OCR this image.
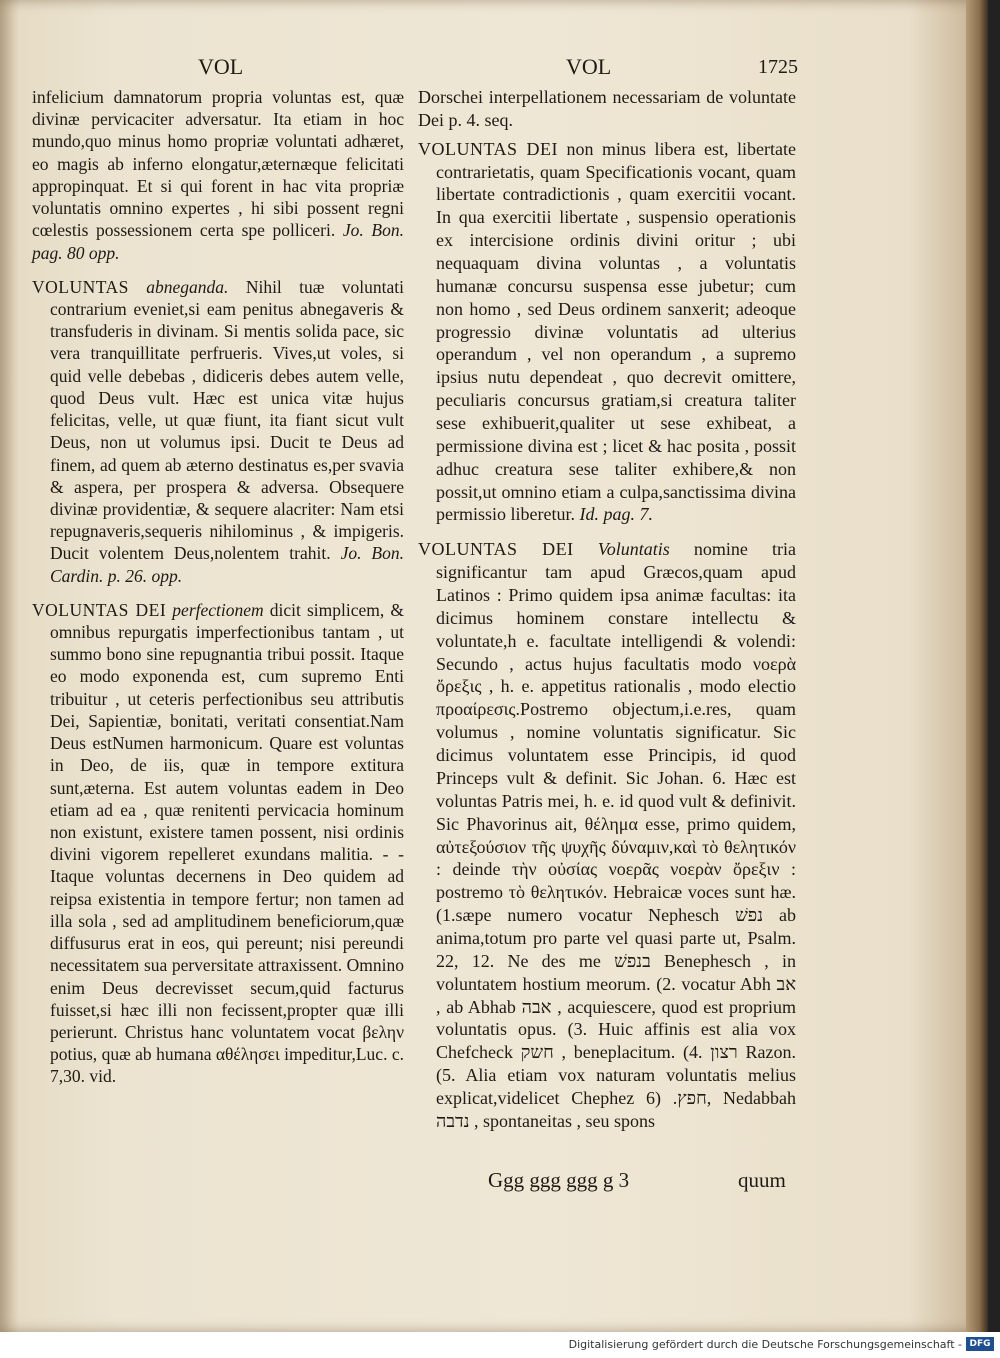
VOL	VOL	1725

infelicium damnatorum propria voluntas est, quæ divinæ pervicaciter adversatur. Ita etiam in hoc mundo,quo minus homo propriæ voluntati adhæret, eo magis ab inferno elongatur,æternæque felicitati appropinquat. Et si qui forent in hac vita propriæ voluntatis omnino expertes , hi sibi possent regni cœlestis possessionem certa spe polliceri. Jo. Bon. pag. 80 opp.

VOLUNTAS abneganda. Nihil tuæ voluntati contrarium eveniet,si eam penitus abnegaveris & transfuderis in divinam. Si mentis solida pace, sic vera tranquillitate perfrueris. Vives,ut voles, si quid velle debebas , didiceris debes autem velle, quod Deus vult. Hæc est unica vitæ hujus felicitas, velle, ut quæ fiunt, ita fiant sicut vult Deus, non ut volumus ipsi. Ducit te Deus ad finem, ad quem ab æterno destinatus es,per svavia & aspera, per prospera & adversa. Obsequere divinæ providentiæ, & sequere alacriter: Nam etsi repugnaveris,sequeris nihilominus , & impigeris. Ducit volentem Deus,nolentem trahit. Jo. Bon. Cardin. p. 26. opp.

VOLUNTAS DEI perfectionem dicit simplicem, & omnibus repurgatis imperfectionibus tantam , ut summo bono sine repugnantia tribui possit. Itaque eo modo exponenda est, cum supremo Enti tribuitur , ut ceteris perfectionibus seu attributis Dei, Sapientiæ, bonitati, veritati consentiat.Nam Deus estNumen harmonicum. Quare est voluntas in Deo, de iis, quæ in tempore extitura sunt,æterna. Est autem voluntas eadem in Deo etiam ad ea , quæ renitenti pervicacia hominum non existunt, existere tamen possent, nisi ordinis divini vigorem repelleret exundans malitia. - - Itaque voluntas decernens in Deo quidem ad reipsa existentia in tempore fertur; non tamen ad illa sola , sed ad amplitudinem beneficiorum,quæ diffusurus erat in eos, qui pereunt; nisi pereundi necessitatem sua perversitate attraxissent. Omnino enim Deus decrevisset secum,quid facturus fuisset,si hæc illi non fecissent,propter quæ illi perierunt. Christus hanc voluntatem vocat βελην potius, quæ ab humana αθέλησει impeditur,Luc. c. 7,30. vid.

Dorschei interpellationem necessariam de voluntate Dei p. 4. seq.

VOLUNTAS DEI non minus libera est, libertate contrarietatis, quam Specificationis vocant, quam libertate contradictionis , quam exercitii vocant. In qua exercitii libertate , suspensio operationis ex intercisione ordinis divini oritur ; ubi nequaquam divina voluntas , a voluntatis humanæ concursu suspensa esse jubetur; cum non homo , sed Deus ordinem sanxerit; adeoque progressio divinæ voluntatis ad ulterius operandum , vel non operandum , a supremo ipsius nutu dependeat , quo decrevit omittere, peculiaris concursus gratiam,si creatura taliter sese exhibuerit,qualiter ut sese exhibeat, a permissione divina est ; licet & hac posita , possit adhuc creatura sese taliter exhibere,& non possit,ut omnino etiam a culpa,sanctissima divina permissio liberetur. Id. pag. 7.

VOLUNTAS DEI Voluntatis nomine tria significantur tam apud Græcos,quam apud Latinos : Primo quidem ipsa animæ facultas: ita dicimus hominem constare intellectu & voluntate,h e. facultate intelligendi & volendi: Secundo , actus hujus facultatis modo νοερὰ ὄρεξις , h. e. appetitus rationalis , modo electio προαίρεσις.Postremo objectum,i.e.res, quam volumus , nomine voluntatis significatur. Sic dicimus voluntatem esse Principis, id quod Princeps vult & definit. Sic Johan. 6. Hæc est voluntas Patris mei, h. e. id quod vult & definivit. Sic Phavorinus ait, θέλημα esse, primo quidem, αὐτεξούσιον τῆς ψυχῆς δύναμιν,καὶ τὸ θελητικόν : deinde τὴν οὐσίας νοερᾶς νοερὰν ὄρεξιν : postremo τὸ θελητικόν. Hebraicæ voces sunt hæ.(1.sæpe numero vocatur Nephesch נפשׁ ab anima,totum pro parte vel quasi parte ut, Psalm. 22, 12. Ne des me בנפשׁ Benephesch , in voluntatem hostium meorum. (2. vocatur Abh אב , ab Abhab אבה , acquiescere, quod est proprium voluntatis opus. (3. Huic affinis est alia vox Chefcheck חשק , beneplacitum. (4. רצון Razon. (5. Alia etiam vox naturam voluntatis melius explicat,videlicet Chephez חפץ. (6, Nedabbah נדבה , spontaneitas , seu spons

Ggg ggg ggg g 3	quum
Digitalisierung gefördert durch die Deutsche Forschungsgemeinschaft - DFG
